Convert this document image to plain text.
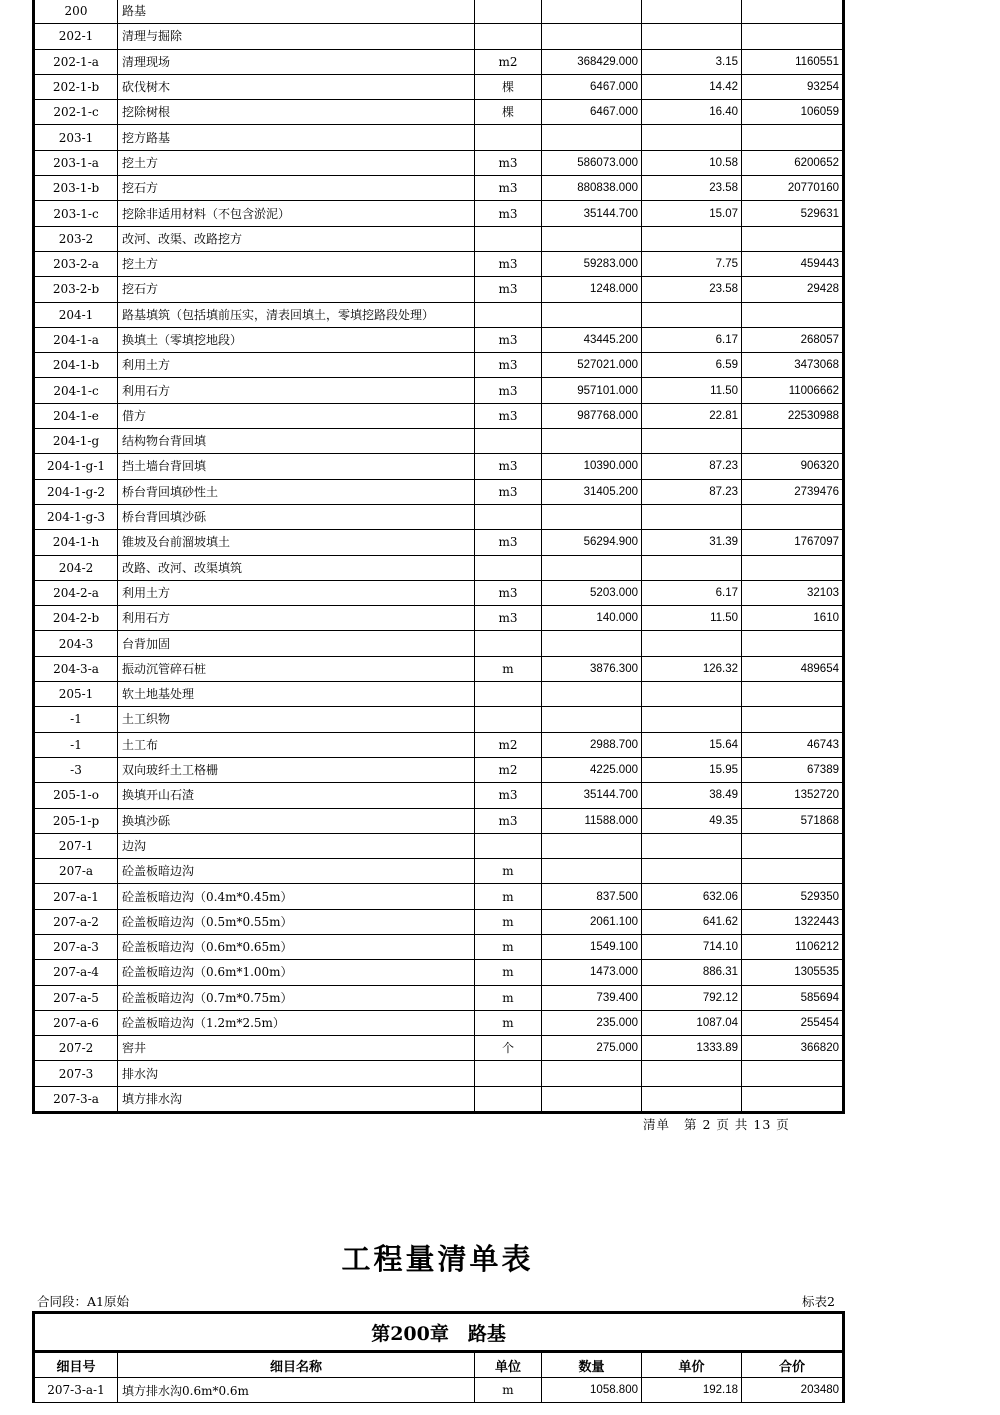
200	路基				
202-1	清理与掘除				
202-1-a	清理现场	m2	368429.000	3.15	1160551
202-1-b	砍伐树木	棵	6467.000	14.42	93254
202-1-c	挖除树根	棵	6467.000	16.40	106059
203-1	挖方路基				
203-1-a	挖土方	m3	586073.000	10.58	6200652
203-1-b	挖石方	m3	880838.000	23.58	20770160
203-1-c	挖除非适用材料（不包含淤泥）	m3	35144.700	15.07	529631
203-2	改河、改渠、改路挖方				
203-2-a	挖土方	m3	59283.000	7.75	459443
203-2-b	挖石方	m3	1248.000	23.58	29428
204-1	路基填筑（包括填前压实，清表回填土，零填挖路段处理）				
204-1-a	换填土（零填挖地段）	m3	43445.200	6.17	268057
204-1-b	利用土方	m3	527021.000	6.59	3473068
204-1-c	利用石方	m3	957101.000	11.50	11006662
204-1-e	借方	m3	987768.000	22.81	22530988
204-1-g	结构物台背回填				
204-1-g-1	挡土墙台背回填	m3	10390.000	87.23	906320
204-1-g-2	桥台背回填砂性土	m3	31405.200	87.23	2739476
204-1-g-3	桥台背回填沙砾				
204-1-h	锥坡及台前溜坡填土	m3	56294.900	31.39	1767097
204-2	改路、改河、改渠填筑				
204-2-a	利用土方	m3	5203.000	6.17	32103
204-2-b	利用石方	m3	140.000	11.50	1610
204-3	台背加固				
204-3-a	振动沉管碎石桩	m	3876.300	126.32	489654
205-1	软土地基处理				
-1	土工织物				
-1	土工布	m2	2988.700	15.64	46743
-3	双向玻纤土工格栅	m2	4225.000	15.95	67389
205-1-o	换填开山石渣	m3	35144.700	38.49	1352720
205-1-p	换填沙砾	m3	11588.000	49.35	571868
207-1	边沟				
207-a	砼盖板暗边沟	m			
207-a-1	砼盖板暗边沟（0.4m*0.45m）	m	837.500	632.06	529350
207-a-2	砼盖板暗边沟（0.5m*0.55m）	m	2061.100	641.62	1322443
207-a-3	砼盖板暗边沟（0.6m*0.65m）	m	1549.100	714.10	1106212
207-a-4	砼盖板暗边沟（0.6m*1.00m）	m	1473.000	886.31	1305535
207-a-5	砼盖板暗边沟（0.7m*0.75m）	m	739.400	792.12	585694
207-a-6	砼盖板暗边沟（1.2m*2.5m）	m	235.000	1087.04	255454
207-2	窖井	个	275.000	1333.89	366820
207-3	排水沟				
207-3-a	填方排水沟				
清单 第 2 页 共 13 页
工程量清单表
合同段：A1原始	标表2
第200章　路基					
细目号	细目名称	单位	数量	单价	合价
207-3-a-1	填方排水沟0.6m*0.6m	m	1058.800	192.18	203480
